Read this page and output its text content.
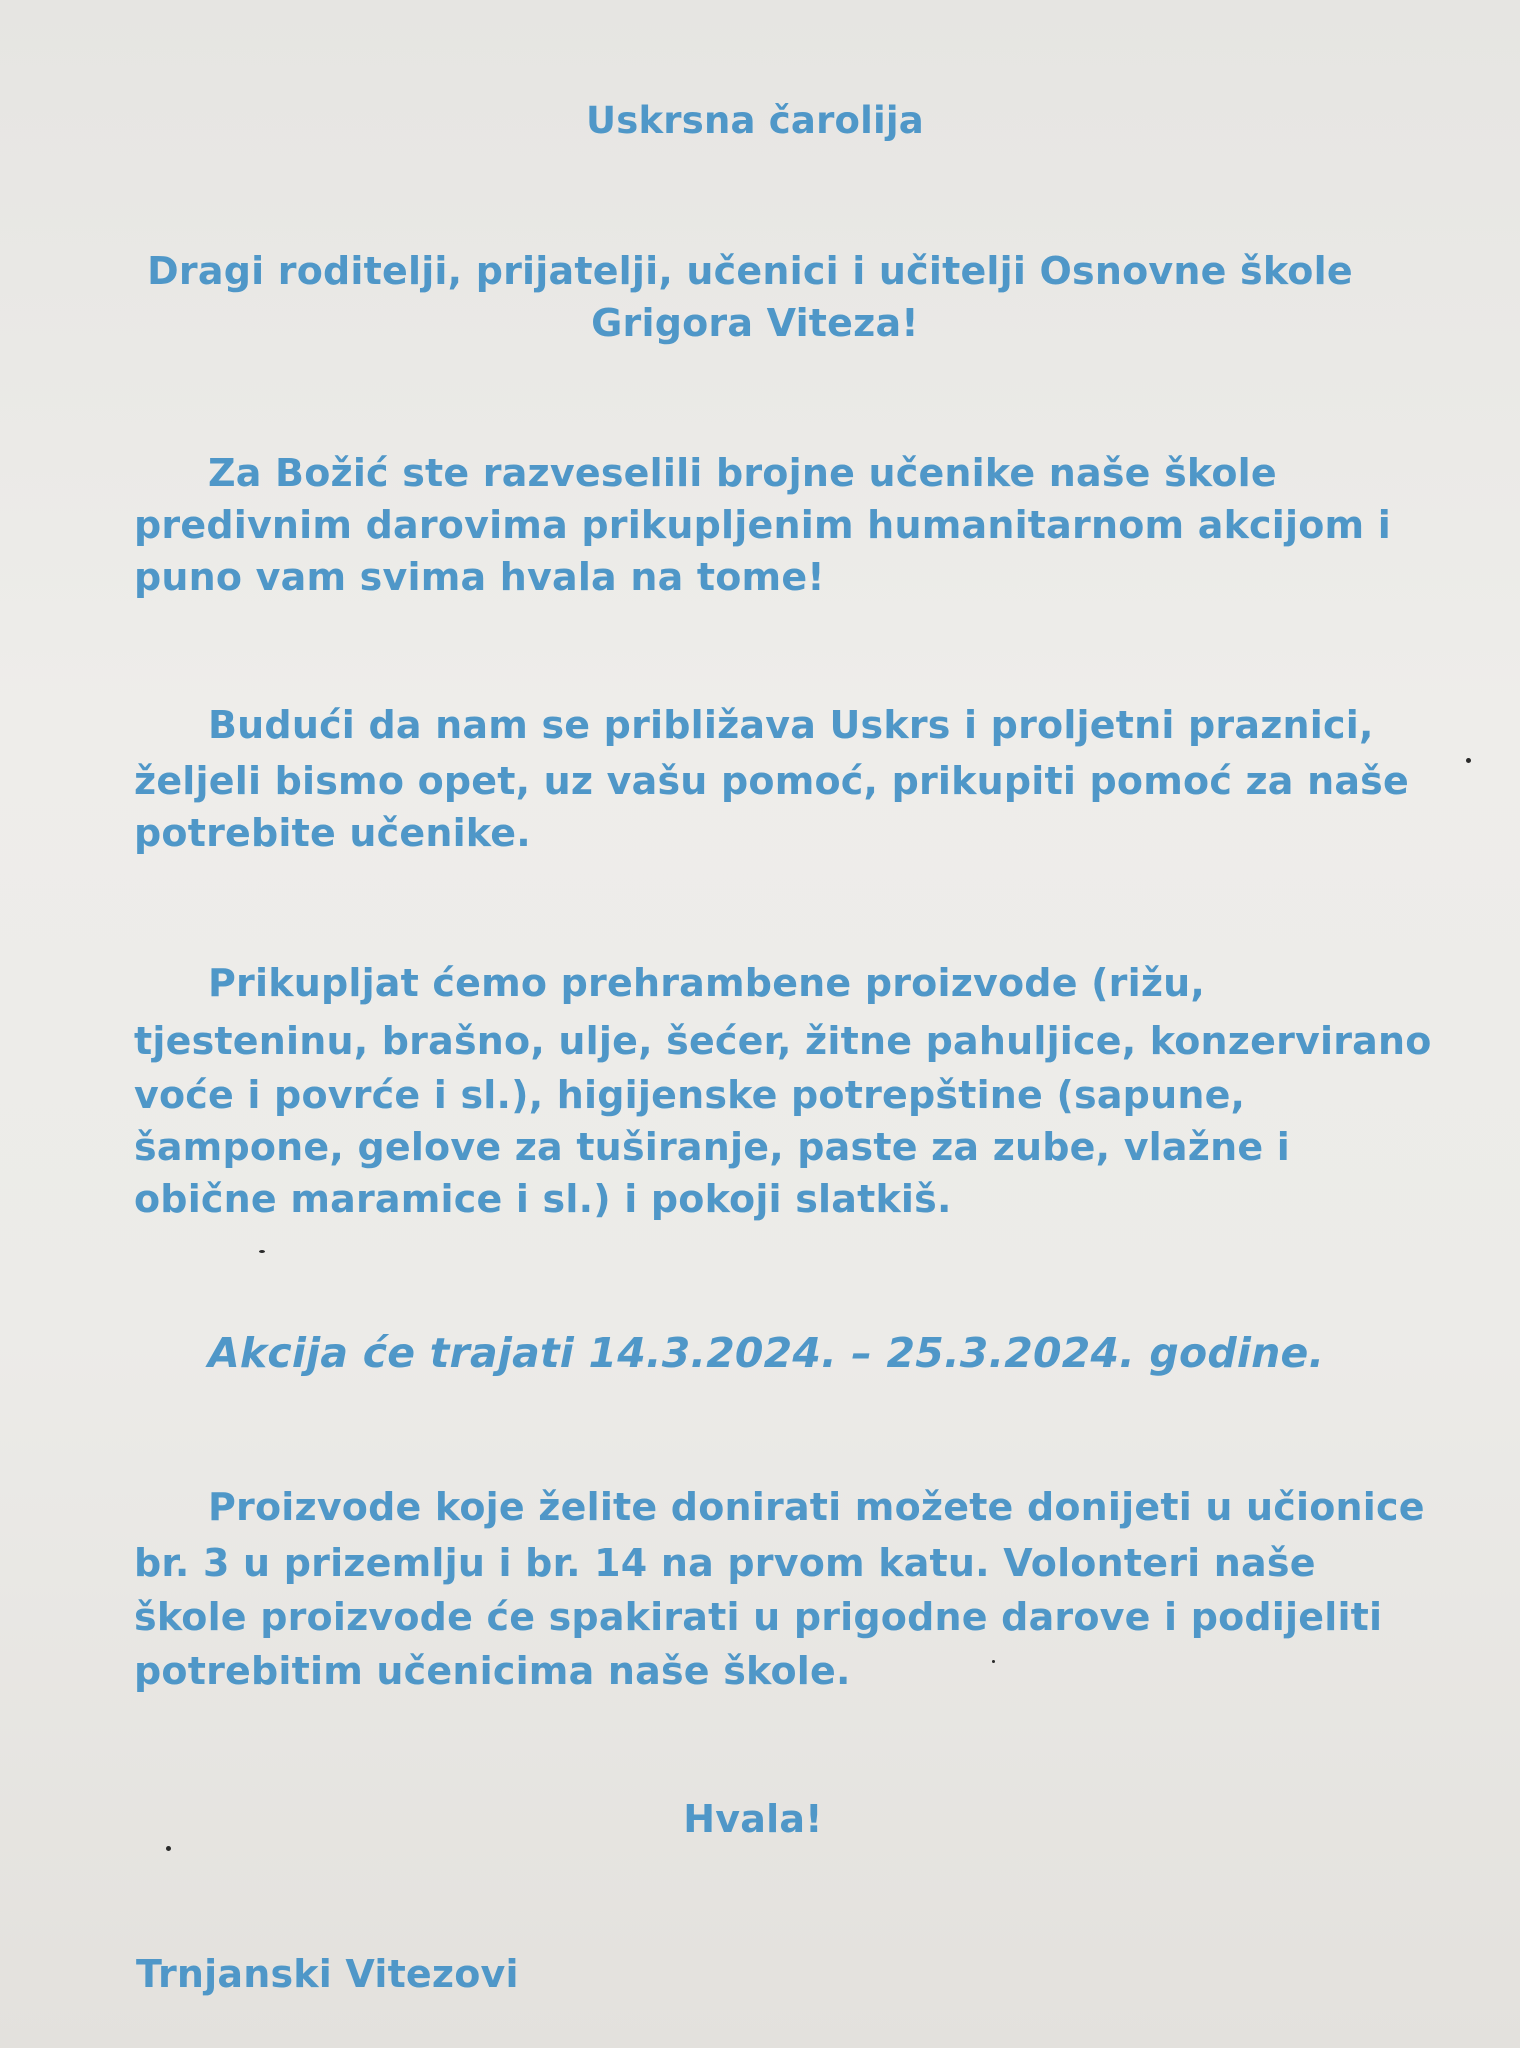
Uskrsna čarolija
Dragi roditelji, prijatelji, učenici i učitelji Osnovne škole
Grigora Viteza!
Za Božić ste razveselili brojne učenike naše škole
predivnim darovima prikupljenim humanitarnom akcijom i
puno vam svima hvala na tome!
Budući da nam se približava Uskrs i proljetni praznici,
željeli bismo opet, uz vašu pomoć, prikupiti pomoć za naše
potrebite učenike.
Prikupljat ćemo prehrambene proizvode (rižu,
tjesteninu, brašno, ulje, šećer, žitne pahuljice, konzervirano
voće i povrće i sl.), higijenske potrepštine (sapune,
šampone, gelove za tuširanje, paste za zube, vlažne i
obične maramice i sl.) i pokoji slatkiš.
Akcija će trajati 14.3.2024. – 25.3.2024. godine.
Proizvode koje želite donirati možete donijeti u učionice
br. 3 u prizemlju i br. 14 na prvom katu. Volonteri naše
škole proizvode će spakirati u prigodne darove i podijeliti
potrebitim učenicima naše škole.
Hvala!
Trnjanski Vitezovi
